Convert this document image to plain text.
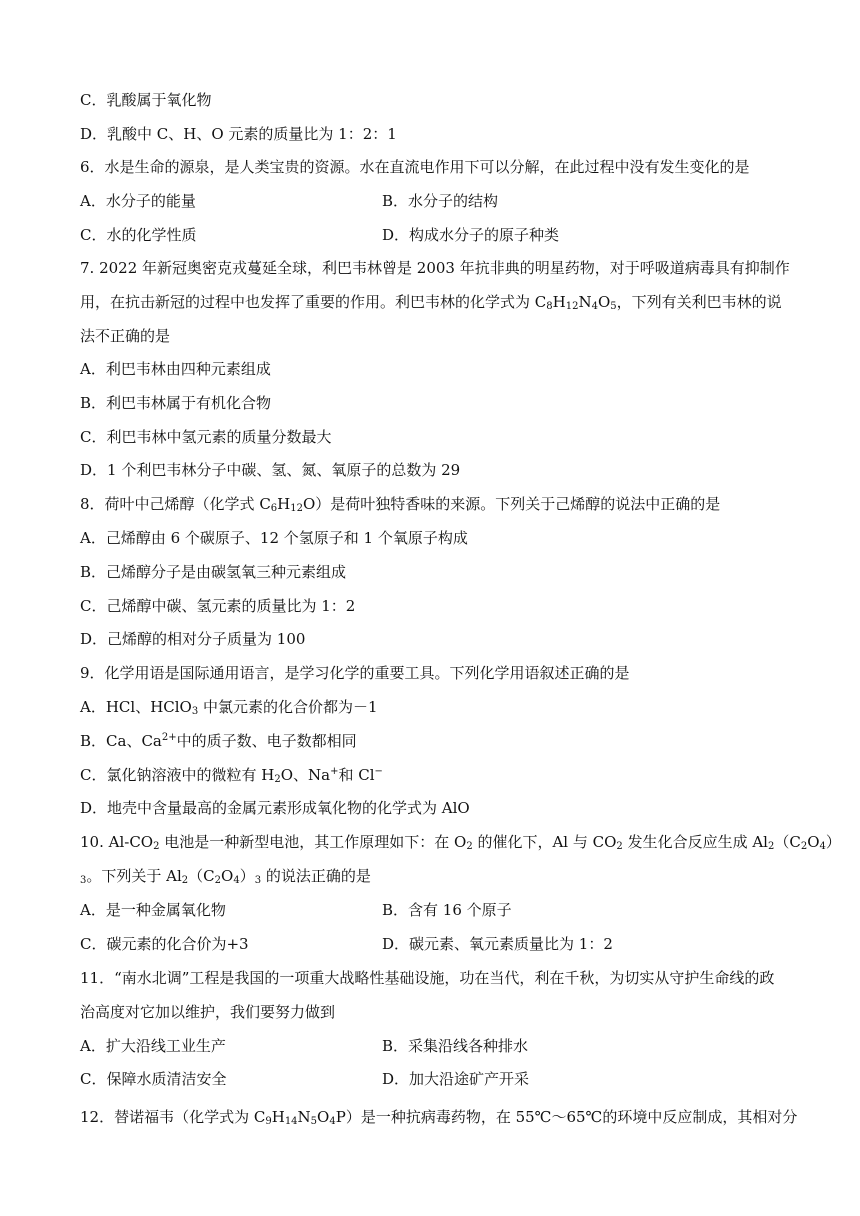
C．乳酸属于氧化物
D．乳酸中 C、H、O 元素的质量比为 1：2：1
6．水是生命的源泉，是人类宝贵的资源。水在直流电作用下可以分解，在此过程中没有发生变化的是
A．水分子的能量	B．水分子的结构
C．水的化学性质	D．构成水分子的原子种类
7. 2022 年新冠奥密克戎蔓延全球，利巴韦林曾是 2003 年抗非典的明星药物，对于呼吸道病毒具有抑制作
用，在抗击新冠的过程中也发挥了重要的作用。利巴韦林的化学式为 $C_8H_{12}N_4O_5$，下列有关利巴韦林的说
法不正确的是
A．利巴韦林由四种元素组成
B．利巴韦林属于有机化合物
C．利巴韦林中氢元素的质量分数最大
D．1 个利巴韦林分子中碳、氢、氮、氧原子的总数为 29
8．荷叶中己烯醇（化学式 $C_6H_{12}O$）是荷叶独特香味的来源。下列关于己烯醇的说法中正确的是
A．己烯醇由 6 个碳原子、12 个氢原子和 1 个氧原子构成
B．己烯醇分子是由碳氢氧三种元素组成
C．己烯醇中碳、氢元素的质量比为 1：2
D．己烯醇的相对分子质量为 100
9．化学用语是国际通用语言，是学习化学的重要工具。下列化学用语叙述正确的是
A．HCl、HClO$_3$ 中氯元素的化合价都为－1
B．Ca、$Ca^{2+}$中的质子数、电子数都相同
C．氯化钠溶液中的微粒有 $H_2O$、Na+和 Cl−
D．地壳中含量最高的金属元素形成氧化物的化学式为 AlO
10. $Al-CO_2$ 电池是一种新型电池，其工作原理如下：在 $O_2$ 的催化下，Al 与 $CO_2$ 发生化合反应生成 $Al_2(C_2O_4)$
$_3$。下列关于 $Al_2(C_2O_4)_3$ 的说法正确的是
A．是一种金属氧化物	B．含有 16 个原子
C．碳元素的化合价为+3	D．碳元素、氧元素质量比为 1：2
11．“南水北调”工程是我国的一项重大战略性基础设施，功在当代，利在千秋，为切实从守护生命线的政
治高度对它加以维护，我们要努力做到
A．扩大沿线工业生产	B．采集沿线各种排水
C．保障水质清洁安全	D．加大沿途矿产开采
12．替诺福韦（化学式为 $C_9H_{14}N_5O_4P$）是一种抗病毒药物，在 55℃～65℃的环境中反应制成，其相对分
